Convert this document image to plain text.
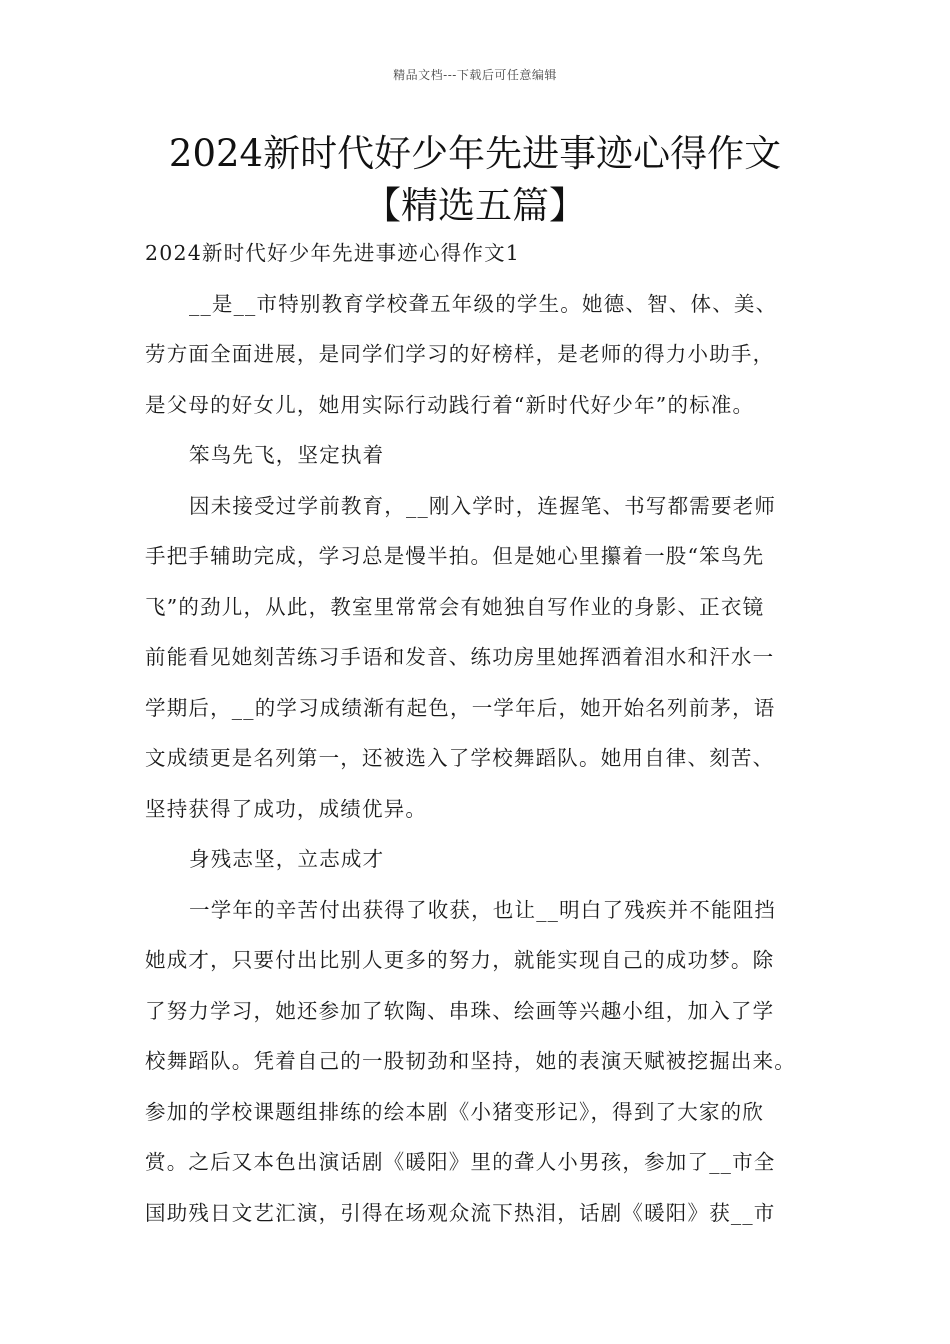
精品文档---下载后可任意编辑
2024新时代好少年先进事迹心得作文
【精选五篇】
2024新时代好少年先进事迹心得作文1
__是__市特别教育学校聋五年级的学生。她德、智、体、美、
劳方面全面进展，是同学们学习的好榜样，是老师的得力小助手，
是父母的好女儿，她用实际行动践行着“新时代好少年”的标准。
笨鸟先飞，坚定执着
因未接受过学前教育，__刚入学时，连握笔、书写都需要老师
手把手辅助完成，学习总是慢半拍。但是她心里攥着一股“笨鸟先
飞”的劲儿，从此，教室里常常会有她独自写作业的身影、正衣镜
前能看见她刻苦练习手语和发音、练功房里她挥洒着泪水和汗水一
学期后，__的学习成绩渐有起色，一学年后，她开始名列前茅，语
文成绩更是名列第一，还被选入了学校舞蹈队。她用自律、刻苦、
坚持获得了成功，成绩优异。
身残志坚，立志成才
一学年的辛苦付出获得了收获，也让__明白了残疾并不能阻挡
她成才，只要付出比别人更多的努力，就能实现自己的成功梦。除
了努力学习，她还参加了软陶、串珠、绘画等兴趣小组，加入了学
校舞蹈队。凭着自己的一股韧劲和坚持，她的表演天赋被挖掘出来。
参加的学校课题组排练的绘本剧《小猪变形记》，得到了大家的欣
赏。之后又本色出演话剧《暖阳》里的聋人小男孩，参加了__市全
国助残日文艺汇演，引得在场观众流下热泪，话剧《暖阳》获__市
